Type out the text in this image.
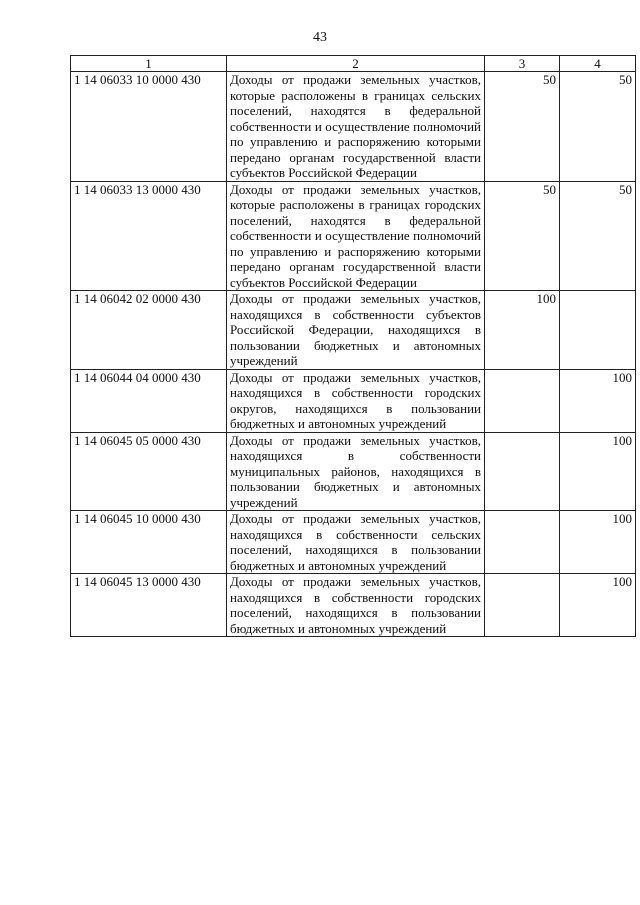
43
1	2	3	4
1 14 06033 10 0000 430	Доходы от продажи земельных участков, которые расположены в границах сельских поселений, находятся в федеральной собственности и осуществление полномочий по управлению и распоряжению которыми передано органам государственной власти субъектов Российской Федерации	50	50
1 14 06033 13 0000 430	Доходы от продажи земельных участков, которые расположены в границах городских поселений, находятся в федеральной собственности и осуществление полномочий по управлению и распоряжению которыми передано органам государственной власти субъектов Российской Федерации	50	50
1 14 06042 02 0000 430	Доходы от продажи земельных участков, находящихся в собственности субъектов Российской Федерации, находящихся в пользовании бюджетных и автономных учреждений	100	
1 14 06044 04 0000 430	Доходы от продажи земельных участков, находящихся в собственности городских округов, находящихся в пользовании бюджетных и автономных учреждений		100
1 14 06045 05 0000 430	Доходы от продажи земельных участков, находящихся в собственности муниципальных районов, находящихся в пользовании бюджетных и автономных учреждений		100
1 14 06045 10 0000 430	Доходы от продажи земельных участков, находящихся в собственности сельских поселений, находящихся в пользовании бюджетных и автономных учреждений		100
1 14 06045 13 0000 430	Доходы от продажи земельных участков, находящихся в собственности городских поселений, находящихся в пользовании бюджетных и автономных учреждений		100
